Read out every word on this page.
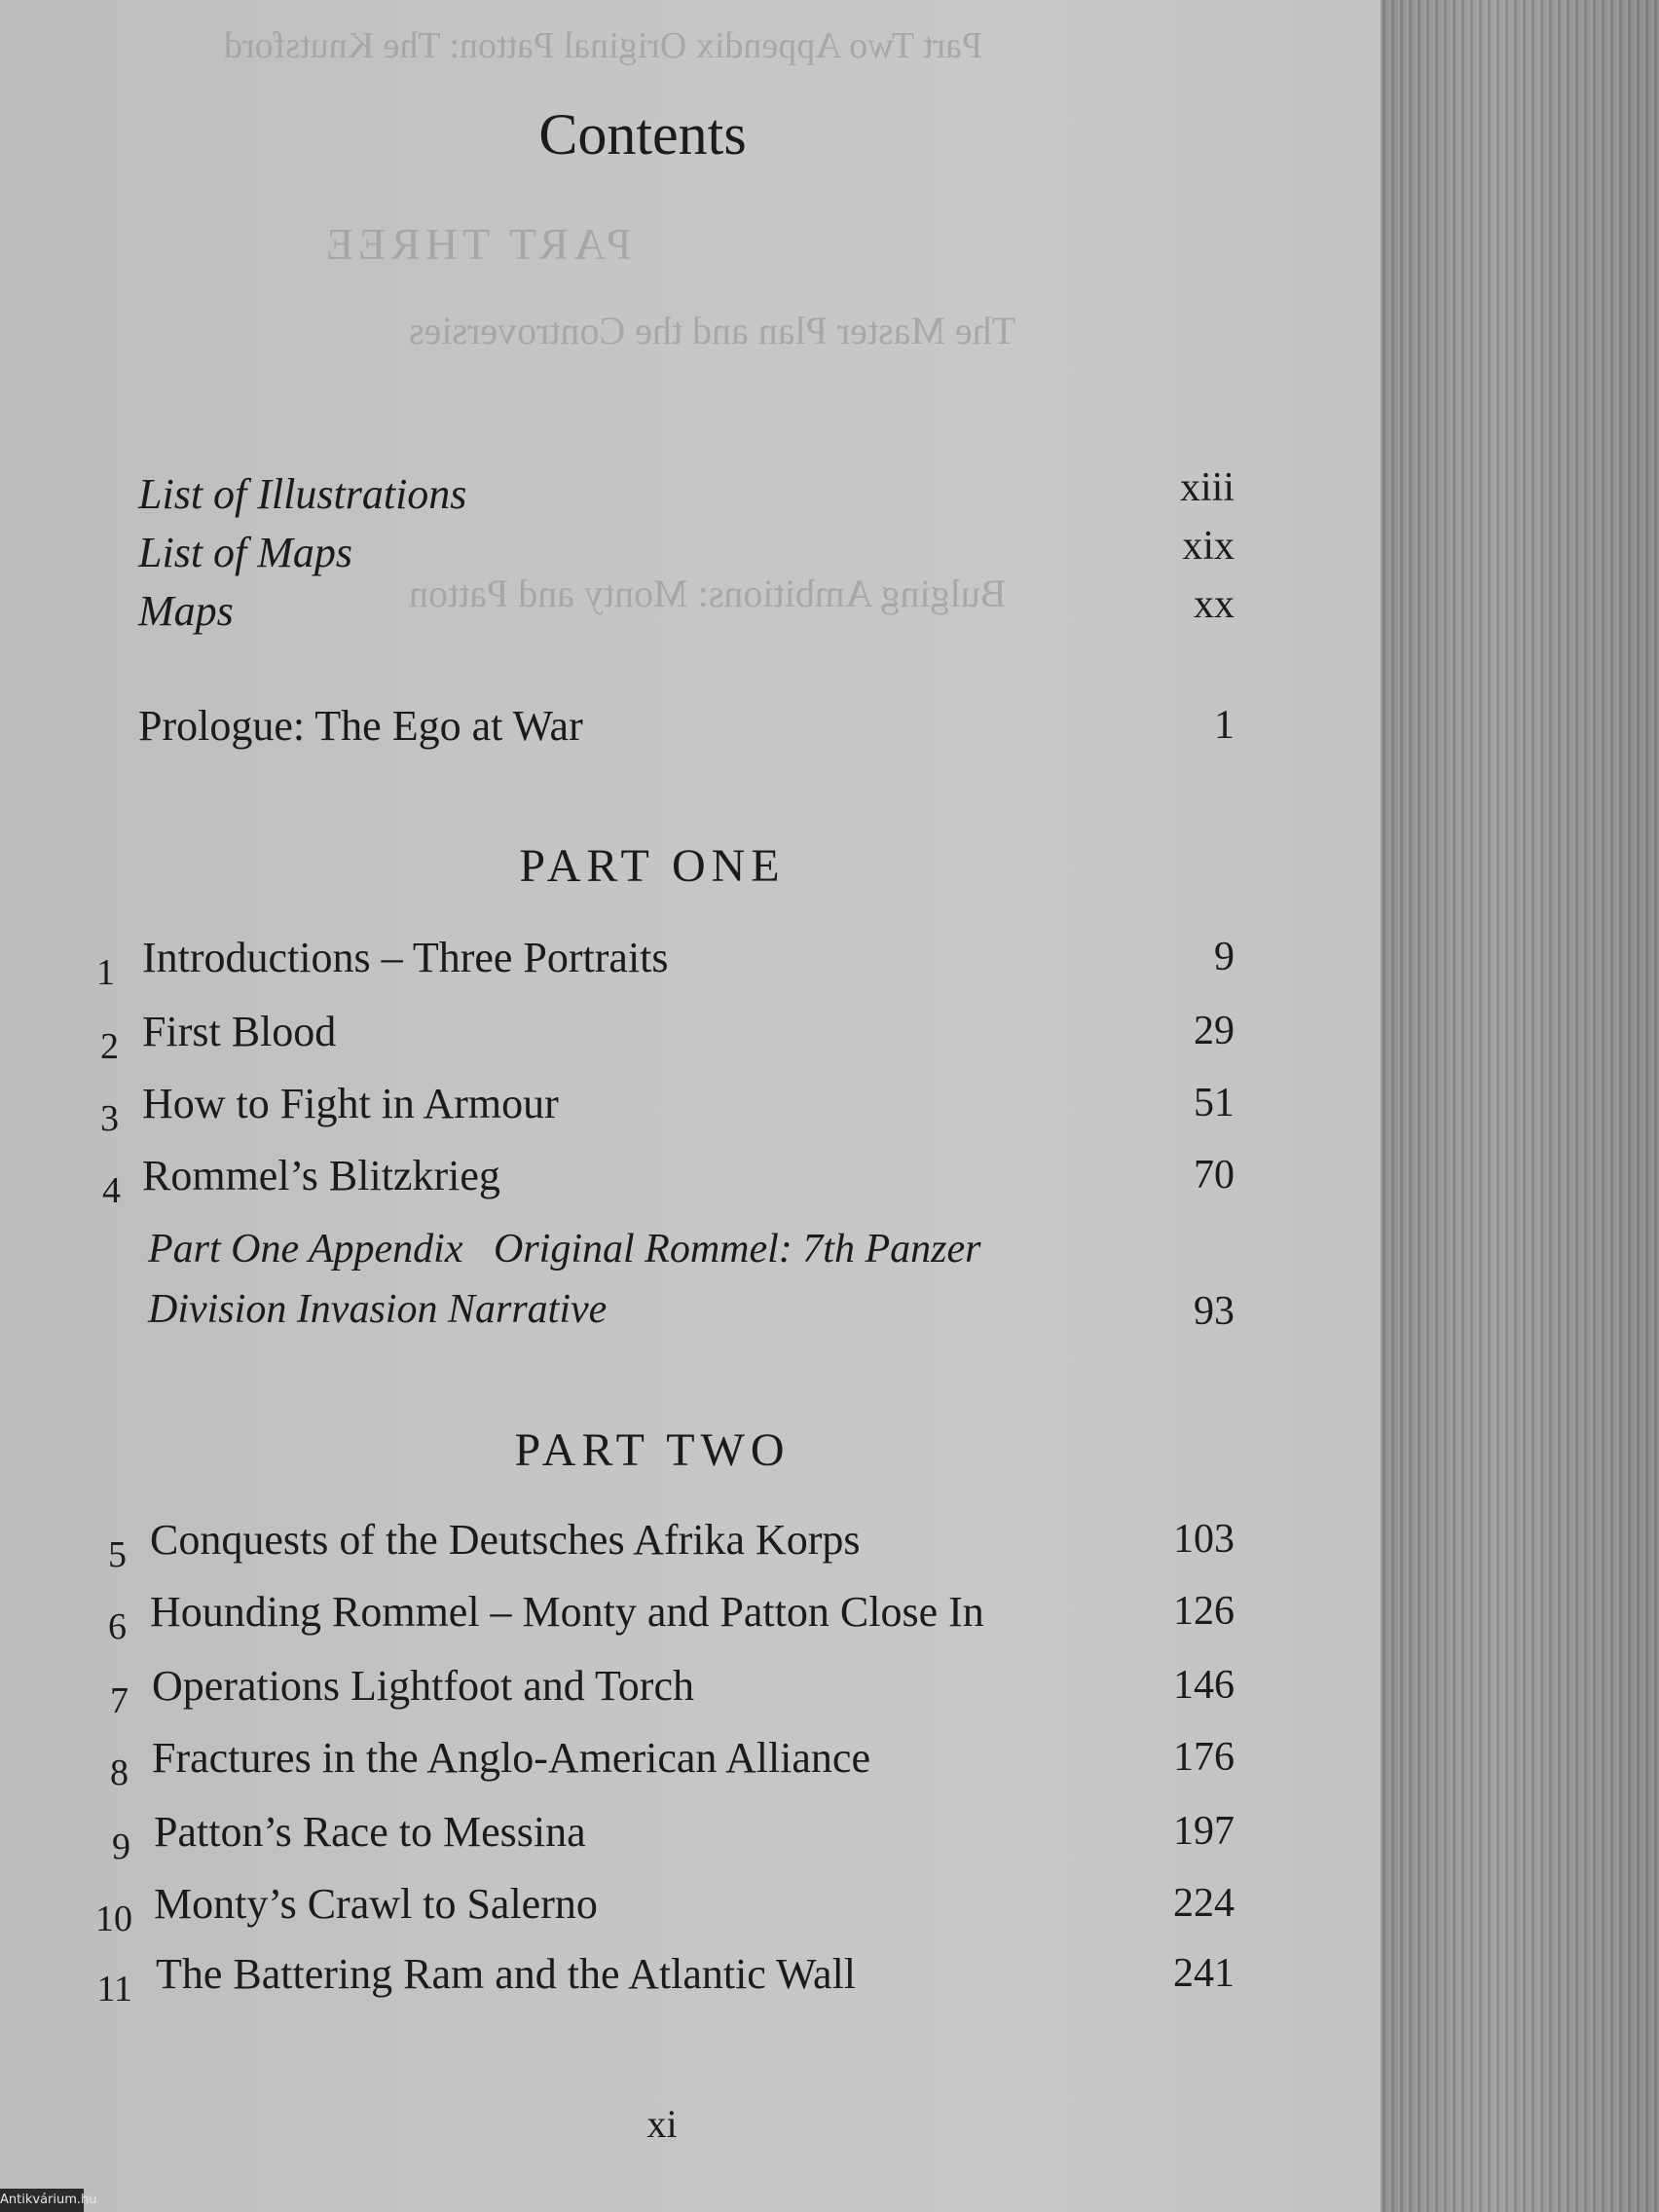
Part Two Appendix Original Patton: The Knutsford
PART THREE
The Master Plan and the Controversies
Bulging Ambitions: Monty and Patton
Contents
List of Illustrations	xiii
List of Maps	xix
Maps	xx
Prologue: The Ego at War	1
PART ONE
1 Introductions – Three Portraits	9
2 First Blood	29
3 How to Fight in Armour	51
4 Rommel’s Blitzkrieg	70
Part One Appendix   Original Rommel: 7th Panzer
Division Invasion Narrative	93
PART TWO
5 Conquests of the Deutsches Afrika Korps	103
6 Hounding Rommel – Monty and Patton Close In	126
7 Operations Lightfoot and Torch	146
8 Fractures in the Anglo-American Alliance	176
9 Patton’s Race to Messina	197
10 Monty’s Crawl to Salerno	224
11 The Battering Ram and the Atlantic Wall	241
xi
Antikvárium.hu
